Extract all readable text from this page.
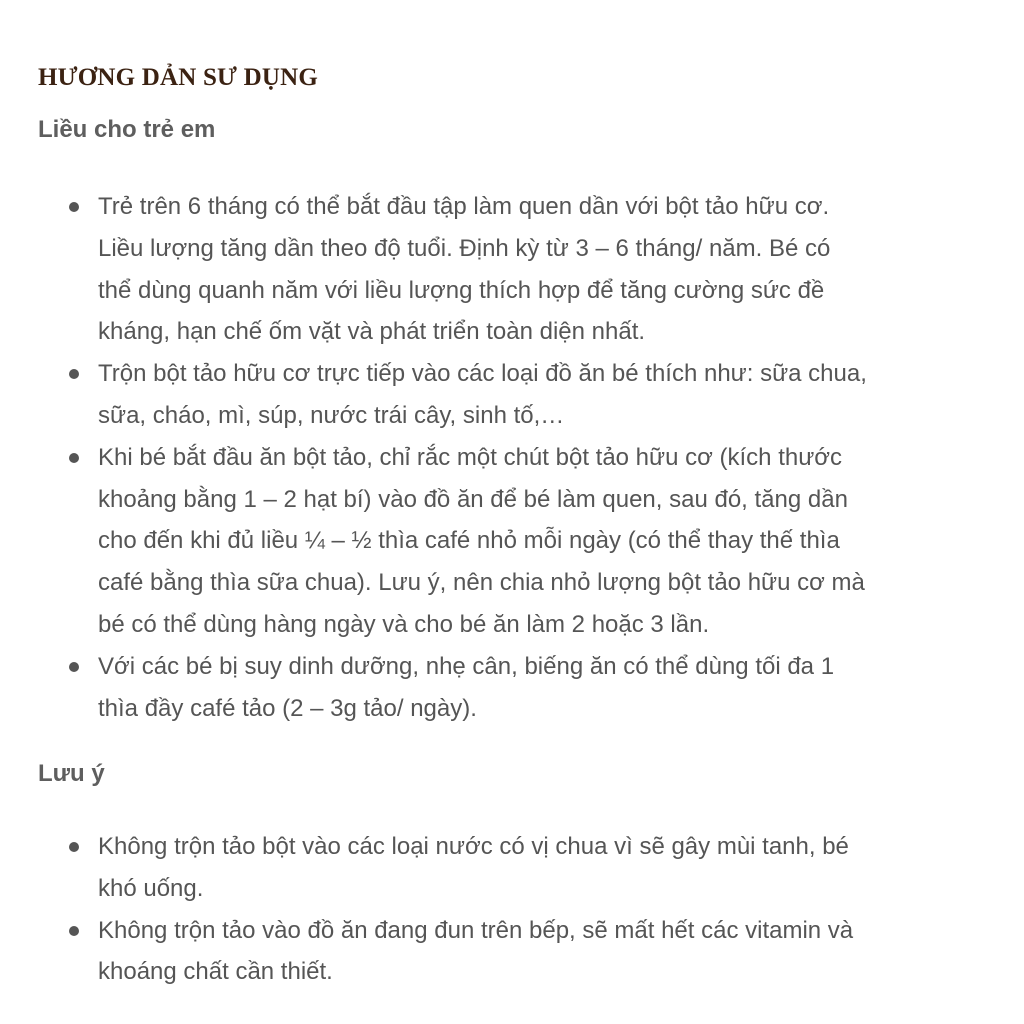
HƯƠNG DẢN SƯ DỤNG
Liều cho trẻ em
Trẻ trên 6 tháng có thể bắt đầu tập làm quen dần với bột tảo hữu cơ.
Liều lượng tăng dần theo độ tuổi. Định kỳ từ 3 – 6 tháng/ năm. Bé có
thể dùng quanh năm với liều lượng thích hợp để tăng cường sức đề
kháng, hạn chế ốm vặt và phát triển toàn diện nhất.
Trộn bột tảo hữu cơ trực tiếp vào các loại đồ ăn bé thích như: sữa chua,
sữa, cháo, mì, súp, nước trái cây, sinh tố,…
Khi bé bắt đầu ăn bột tảo, chỉ rắc một chút bột tảo hữu cơ (kích thước
khoảng bằng 1 – 2 hạt bí) vào đồ ăn để bé làm quen, sau đó, tăng dần
cho đến khi đủ liều ¼ – ½ thìa café nhỏ mỗi ngày (có thể thay thế thìa
café bằng thìa sữa chua). Lưu ý, nên chia nhỏ lượng bột tảo hữu cơ mà
bé có thể dùng hàng ngày và cho bé ăn làm 2 hoặc 3 lần.
Với các bé bị suy dinh dưỡng, nhẹ cân, biếng ăn có thể dùng tối đa 1
thìa đầy café tảo (2 – 3g tảo/ ngày).
Lưu ý
Không trộn tảo bột vào các loại nước có vị chua vì sẽ gây mùi tanh, bé
khó uống.
Không trộn tảo vào đồ ăn đang đun trên bếp, sẽ mất hết các vitamin và
khoáng chất cần thiết.
